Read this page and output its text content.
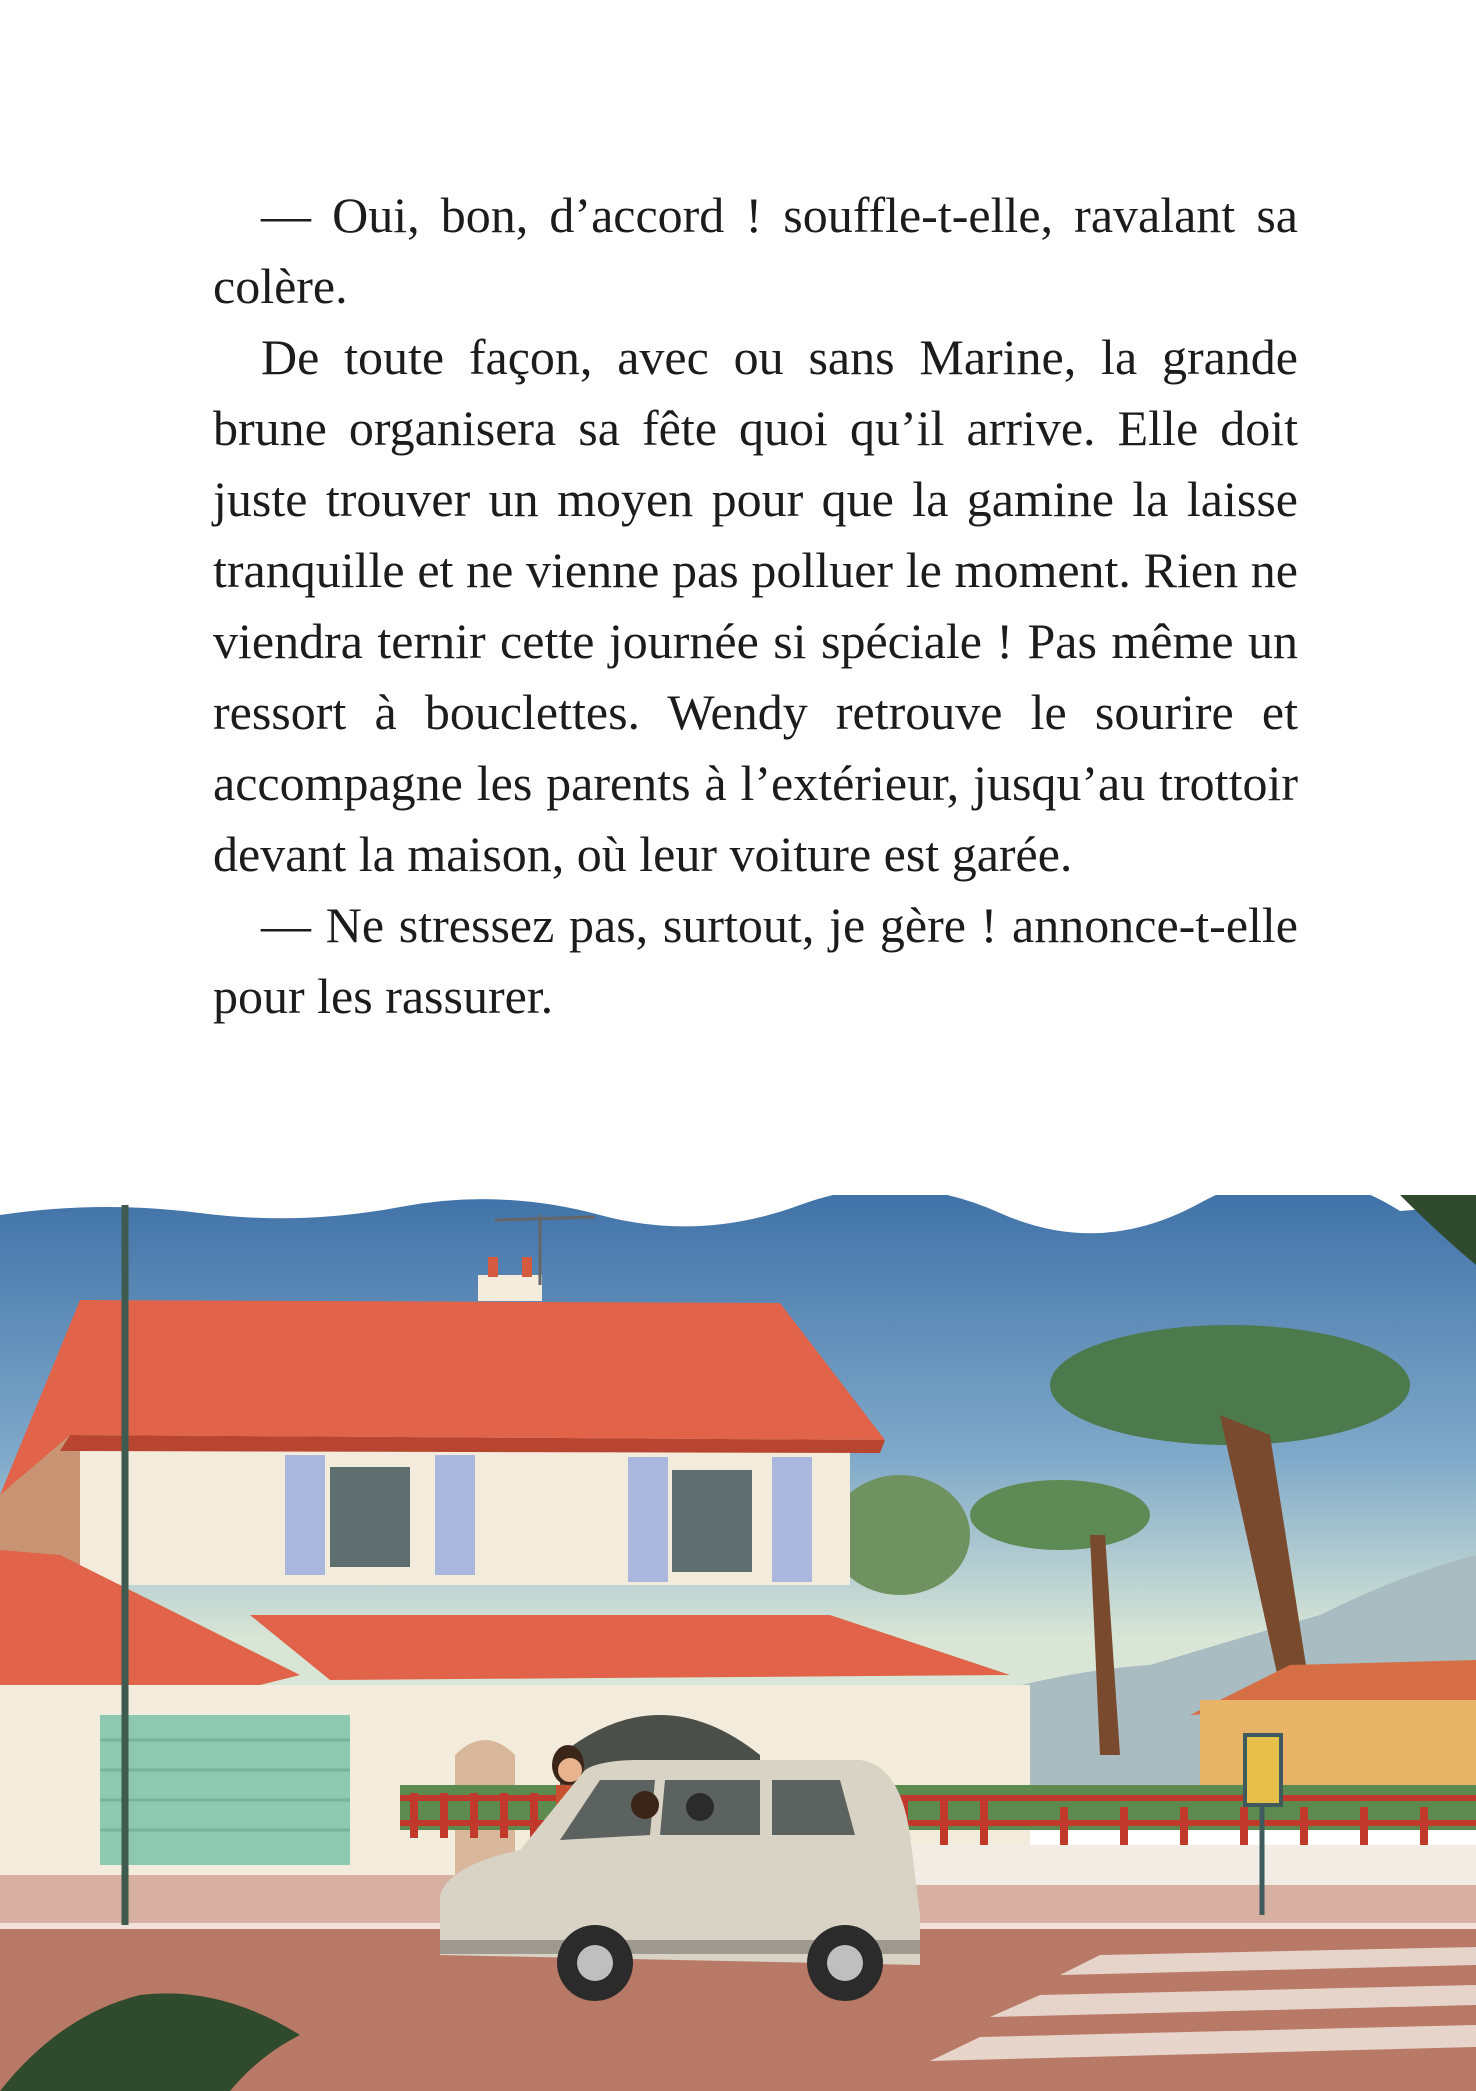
— Oui, bon, d’accord ! souffle-t-elle, ravalant sa colère.

De toute façon, avec ou sans Marine, la grande brune organisera sa fête quoi qu’il arrive. Elle doit juste trouver un moyen pour que la gamine la laisse tranquille et ne vienne pas polluer le moment. Rien ne viendra ternir cette journée si spéciale ! Pas même un ressort à bouclettes. Wendy retrouve le sourire et accompagne les parents à l’extérieur, jusqu’au trottoir devant la maison, où leur voiture est garée.

— Ne stressez pas, surtout, je gère ! annonce-t-elle pour les rassurer.
